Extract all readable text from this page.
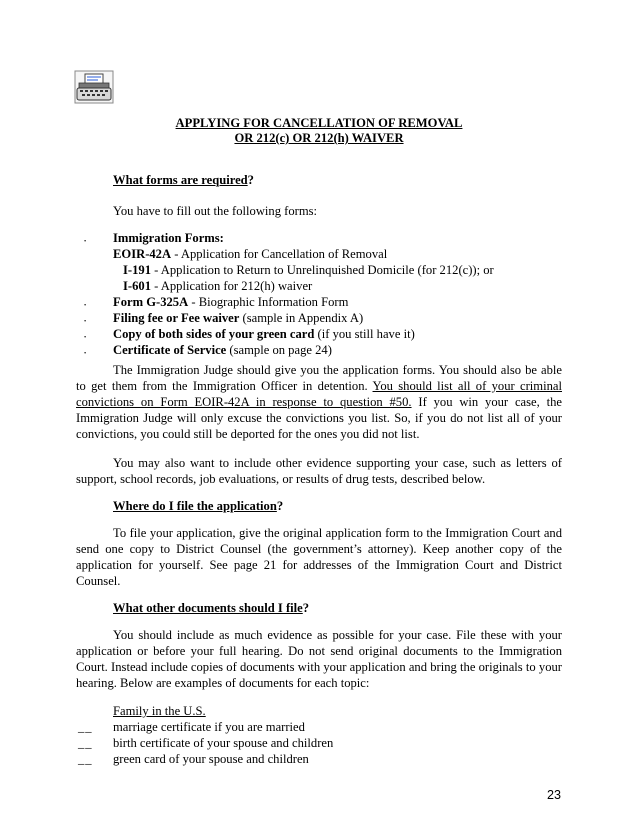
APPLYING FOR CANCELLATION OF REMOVAL
OR 212(c) OR 212(h) WAIVER
What forms are required?
You have to fill out the following forms:
· Immigration Forms:
EOIR-42A - Application for Cancellation of Removal
I-191 - Application to Return to Unrelinquished Domicile (for 212(c)); or
I-601 - Application for 212(h) waiver
· Form G-325A - Biographic Information Form
· Filing fee or Fee waiver (sample in Appendix A)
· Copy of both sides of your green card (if you still have it)
· Certificate of Service (sample on page 24)
The Immigration Judge should give you the application forms. You should also be able
to get them from the Immigration Officer in detention. You should list all of your criminal
convictions on Form EOIR-42A in response to question #50. If you win your case, the
Immigration Judge will only excuse the convictions you list. So, if you do not list all of your
convictions, you could still be deported for the ones you did not list.
You may also want to include other evidence supporting your case, such as letters of
support, school records, job evaluations, or results of drug tests, described below.
Where do I file the application?
To file your application, give the original application form to the Immigration Court and
send one copy to District Counsel (the government’s attorney). Keep another copy of the
application for yourself. See page 21 for addresses of the Immigration Court and District
Counsel.
What other documents should I file?
You should include as much evidence as possible for your case. File these with your
application or before your full hearing. Do not send original documents to the Immigration
Court. Instead include copies of documents with your application and bring the originals to your
hearing. Below are examples of documents for each topic:
Family in the U.S.
__ marriage certificate if you are married
__ birth certificate of your spouse and children
__ green card of your spouse and children
23
